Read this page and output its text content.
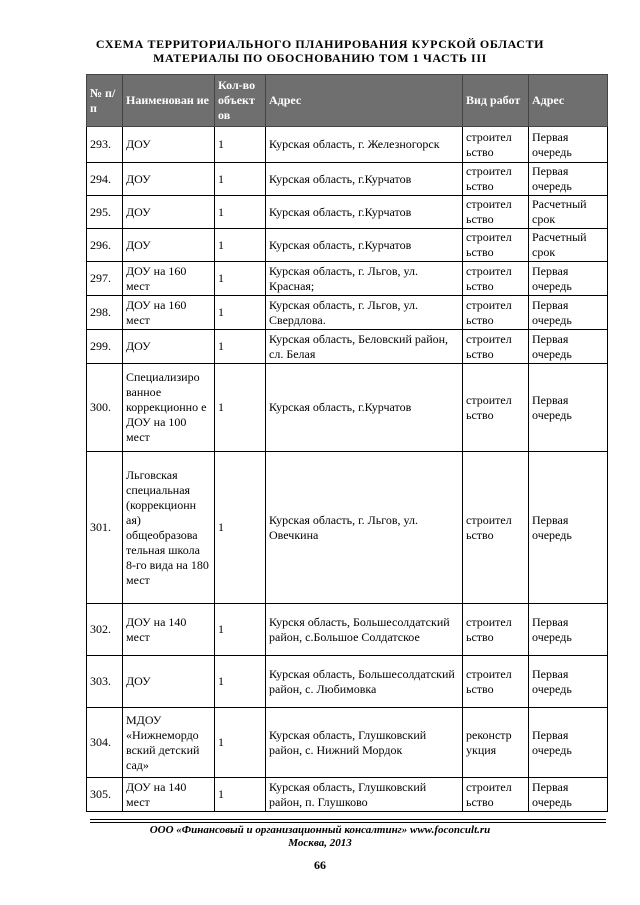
СХЕМА ТЕРРИТОРИАЛЬНОГО ПЛАНИРОВАНИЯ КУРСКОЙ ОБЛАСТИ
МАТЕРИАЛЫ ПО ОБОСНОВАНИЮ ТОМ 1 ЧАСТЬ III
№ п/п	Наименован ие	Кол-во объект ов	Адрес	Вид работ	Адрес
293.	ДОУ	1	Курская область, г. Железногорск	строител ьство	Первая очередь
294.	ДОУ	1	Курская область, г.Курчатов	строител ьство	Первая очередь
295.	ДОУ	1	Курская область, г.Курчатов	строител ьство	Расчетный срок
296.	ДОУ	1	Курская область, г.Курчатов	строител ьство	Расчетный срок
297.	ДОУ на 160 мест	1	Курская область, г. Льгов, ул. Красная;	строител ьство	Первая очередь
298.	ДОУ на 160 мест	1	Курская область, г. Льгов, ул. Свердлова.	строител ьство	Первая очередь
299.	ДОУ	1	Курская область, Беловский район, сл. Белая	строител ьство	Первая очередь
300.	Специализиро ванное коррекционно е ДОУ на 100 мест	1	Курская область, г.Курчатов	строител ьство	Первая очередь
301.	Льговская специальная (коррекционн ая) общеобразова тельная школа 8-го вида на 180 мест	1	Курская область, г. Льгов, ул. Овечкина	строител ьство	Первая очередь
302.	ДОУ на 140 мест	1	Курскя область, Большесолдатский район, с.Большое Солдатское	строител ьство	Первая очередь
303.	ДОУ	1	Курская область, Большесолдатский район, с. Любимовка	строител ьство	Первая очередь
304.	МДОУ «Нижнемордо вский детский сад»	1	Курская область, Глушковский район, с. Нижний Мордок	реконстр укция	Первая очередь
305.	ДОУ на 140 мест	1	Курская область, Глушковский район, п. Глушково	строител ьство	Первая очередь
ООО «Финансовый и организационный консалтинг» www.foconcult.ru
Москва, 2013
66
